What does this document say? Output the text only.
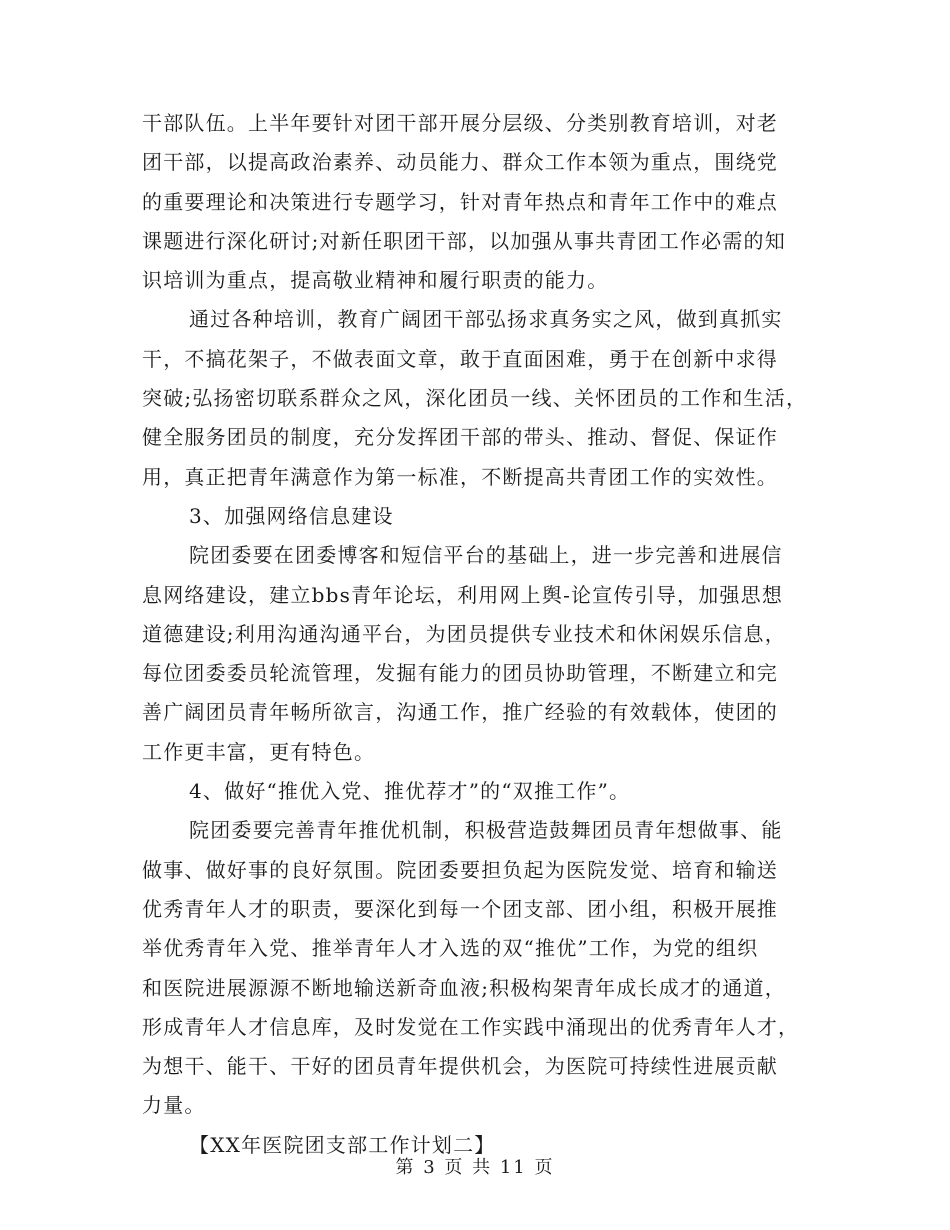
干部队伍。上半年要针对团干部开展分层级、分类别教育培训，对老
团干部，以提高政治素养、动员能力、群众工作本领为重点，围绕党
的重要理论和决策进行专题学习，针对青年热点和青年工作中的难点
课题进行深化研讨;对新任职团干部，以加强从事共青团工作必需的知
识培训为重点，提高敬业精神和履行职责的能力。
通过各种培训，教育广阔团干部弘扬求真务实之风，做到真抓实
干，不搞花架子，不做表面文章，敢于直面困难，勇于在创新中求得
突破;弘扬密切联系群众之风，深化团员一线、关怀团员的工作和生活，
健全服务团员的制度，充分发挥团干部的带头、推动、督促、保证作
用，真正把青年满意作为第一标准，不断提高共青团工作的实效性。
3、加强网络信息建设
院团委要在团委博客和短信平台的基础上，进一步完善和进展信
息网络建设，建立bbs青年论坛，利用网上舆-论宣传引导，加强思想
道德建设;利用沟通沟通平台，为团员提供专业技术和休闲娱乐信息，
每位团委委员轮流管理，发掘有能力的团员协助管理，不断建立和完
善广阔团员青年畅所欲言，沟通工作，推广经验的有效载体，使团的
工作更丰富，更有特色。
4、做好“推优入党、推优荐才”的“双推工作”。
院团委要完善青年推优机制，积极营造鼓舞团员青年想做事、能
做事、做好事的良好氛围。院团委要担负起为医院发觉、培育和输送
优秀青年人才的职责，要深化到每一个团支部、团小组，积极开展推
举优秀青年入党、推举青年人才入选的双“推优”工作，为党的组织
和医院进展源源不断地输送新奇血液;积极构架青年成长成才的通道，
形成青年人才信息库，及时发觉在工作实践中涌现出的优秀青年人才，
为想干、能干、干好的团员青年提供机会，为医院可持续性进展贡献
力量。
【XX年医院团支部工作计划二】
第 3 页 共 11 页
